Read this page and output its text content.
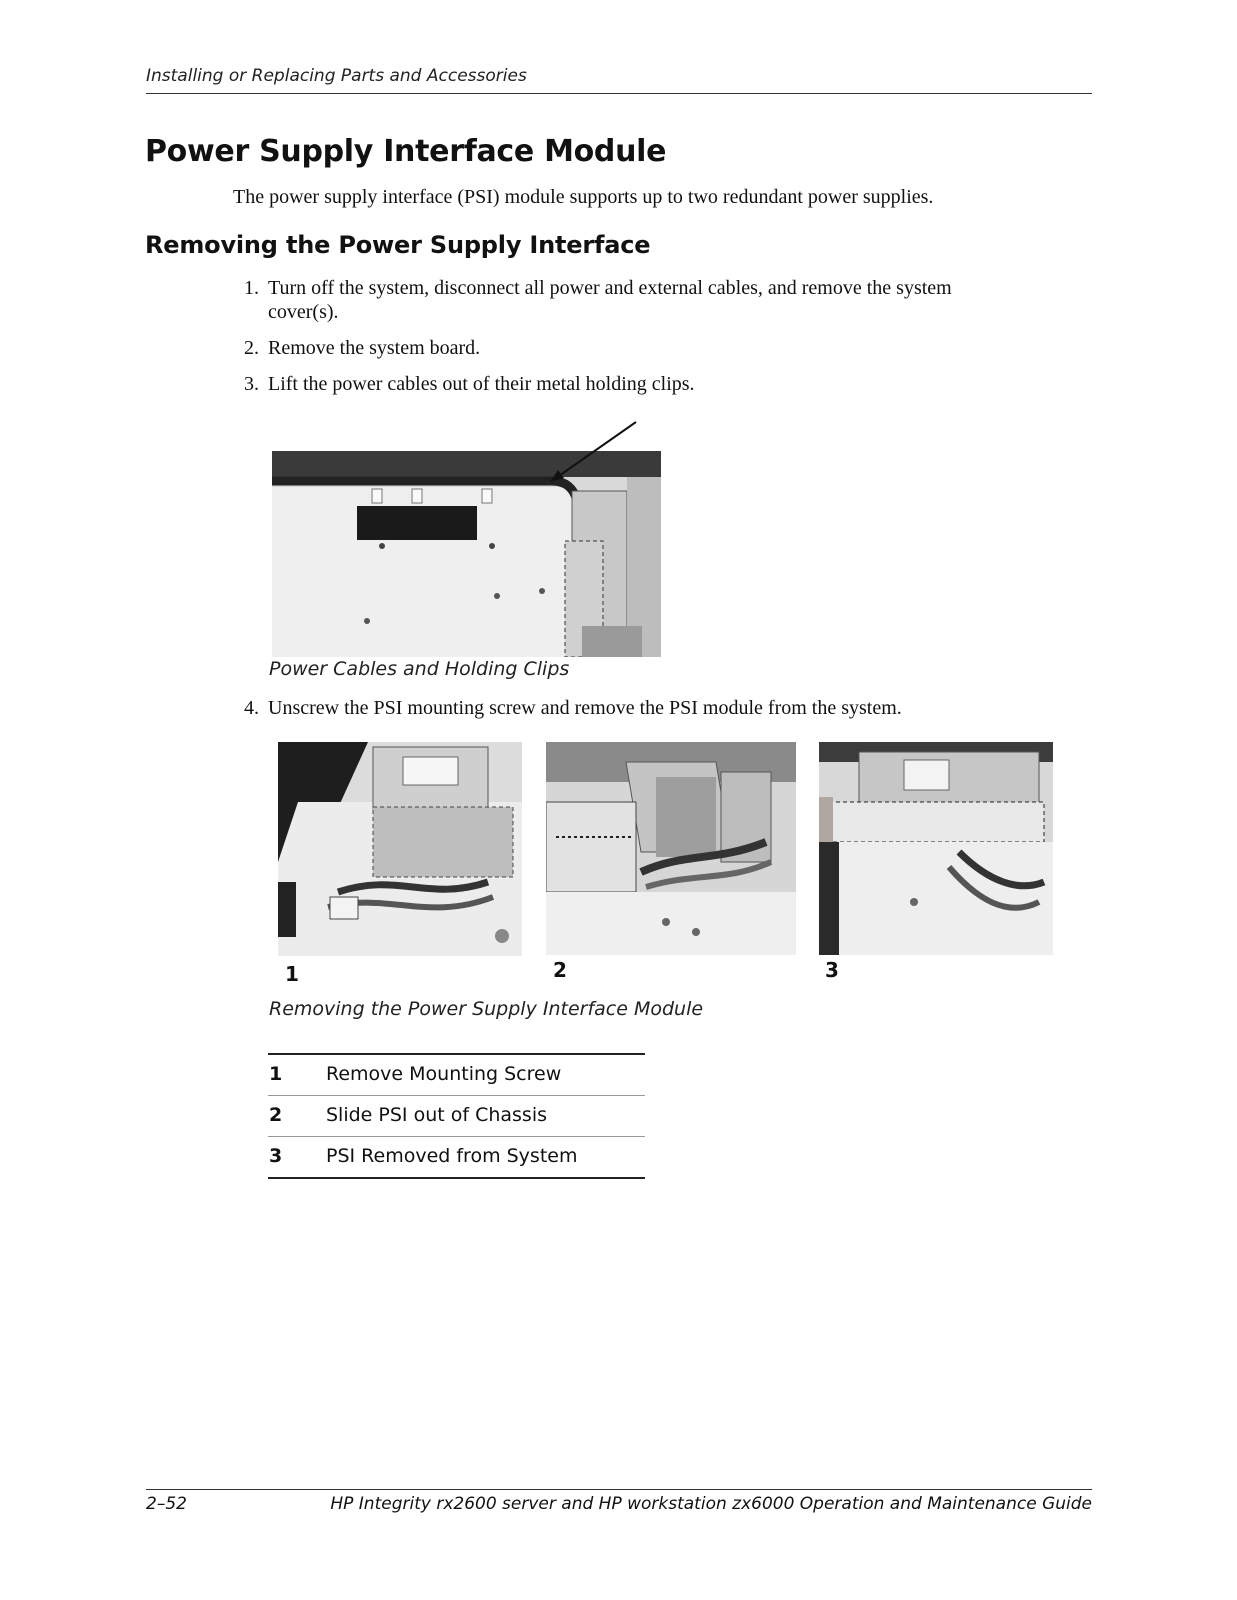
Installing or Replacing Parts and Accessories
Power Supply Interface Module
The power supply interface (PSI) module supports up to two redundant power supplies.
Removing the Power Supply Interface
1. Turn off the system, disconnect all power and external cables, and remove the system
cover(s).
2. Remove the system board.
3. Lift the power cables out of their metal holding clips.
Power Cables and Holding Clips
4. Unscrew the PSI mounting screw and remove the PSI module from the system.
1	2	3
Removing the Power Supply Interface Module
1 Remove Mounting Screw
2 Slide PSI out of Chassis
3 PSI Removed from System
2–52	HP Integrity rx2600 server and HP workstation zx6000 Operation and Maintenance Guide
